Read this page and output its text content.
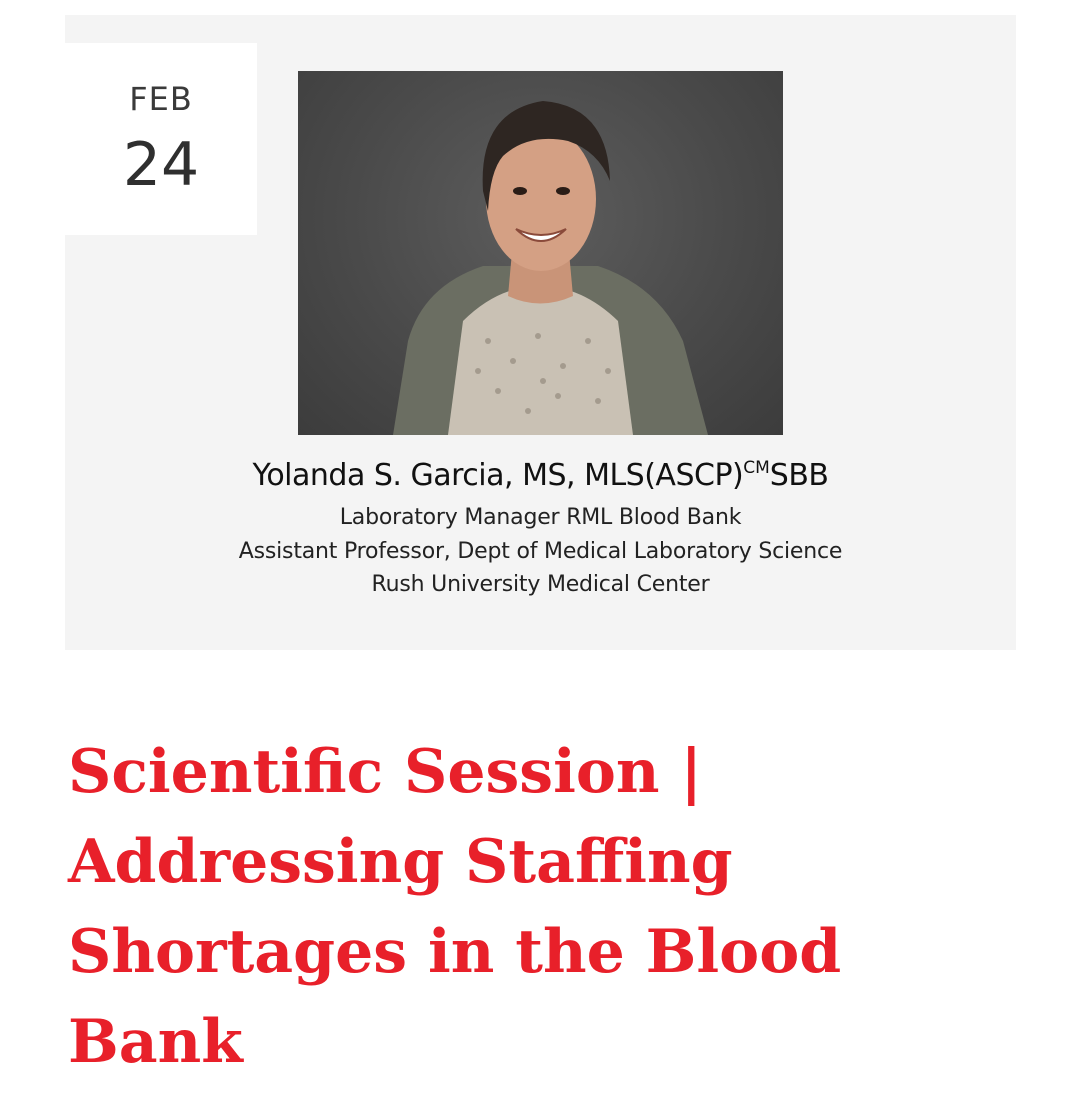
FEB
24
Yolanda S. Garcia, MS, MLS(ASCP)$^{CM}$SBB
Laboratory Manager RML Blood Bank
Assistant Professor, Dept of Medical Laboratory Science
Rush University Medical Center
Scientific Session | Addressing Staffing Shortages in the Blood Bank
